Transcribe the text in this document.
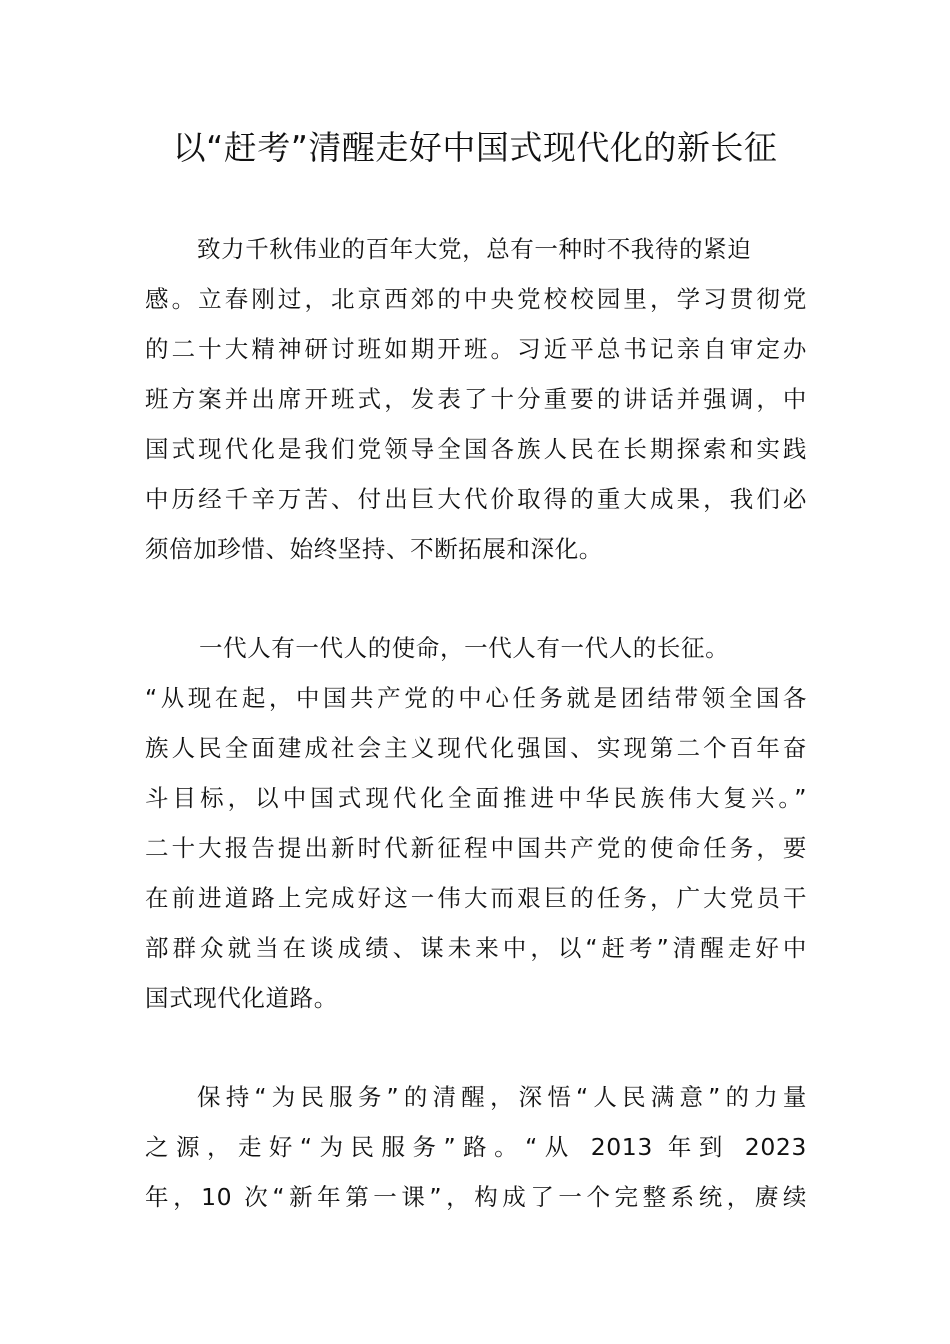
以“赶考”清醒走好中国式现代化的新长征

致力千秋伟业的百年大党，总有一种时不我待的紧迫

感。立春刚过，北京西郊的中央党校校园里，学习贯彻党

的二十大精神研讨班如期开班。习近平总书记亲自审定办

班方案并出席开班式，发表了十分重要的讲话并强调，中

国式现代化是我们党领导全国各族人民在长期探索和实践

中历经千辛万苦、付出巨大代价取得的重大成果，我们必

须倍加珍惜、始终坚持、不断拓展和深化。

一代人有一代人的使命，一代人有一代人的长征。

“从现在起，中国共产党的中心任务就是团结带领全国各

族人民全面建成社会主义现代化强国、实现第二个百年奋

斗目标，以中国式现代化全面推进中华民族伟大复兴。”

二十大报告提出新时代新征程中国共产党的使命任务，要

在前进道路上完成好这一伟大而艰巨的任务，广大党员干

部群众就当在谈成绩、谋未来中，以“赶考”清醒走好中

国式现代化道路。

保持“为民服务”的清醒，深悟“人民满意”的力量

之源，走好“为民服务”路。“从 2013 年到 2023

年，10 次“新年第一课”，构成了一个完整系统，赓续
